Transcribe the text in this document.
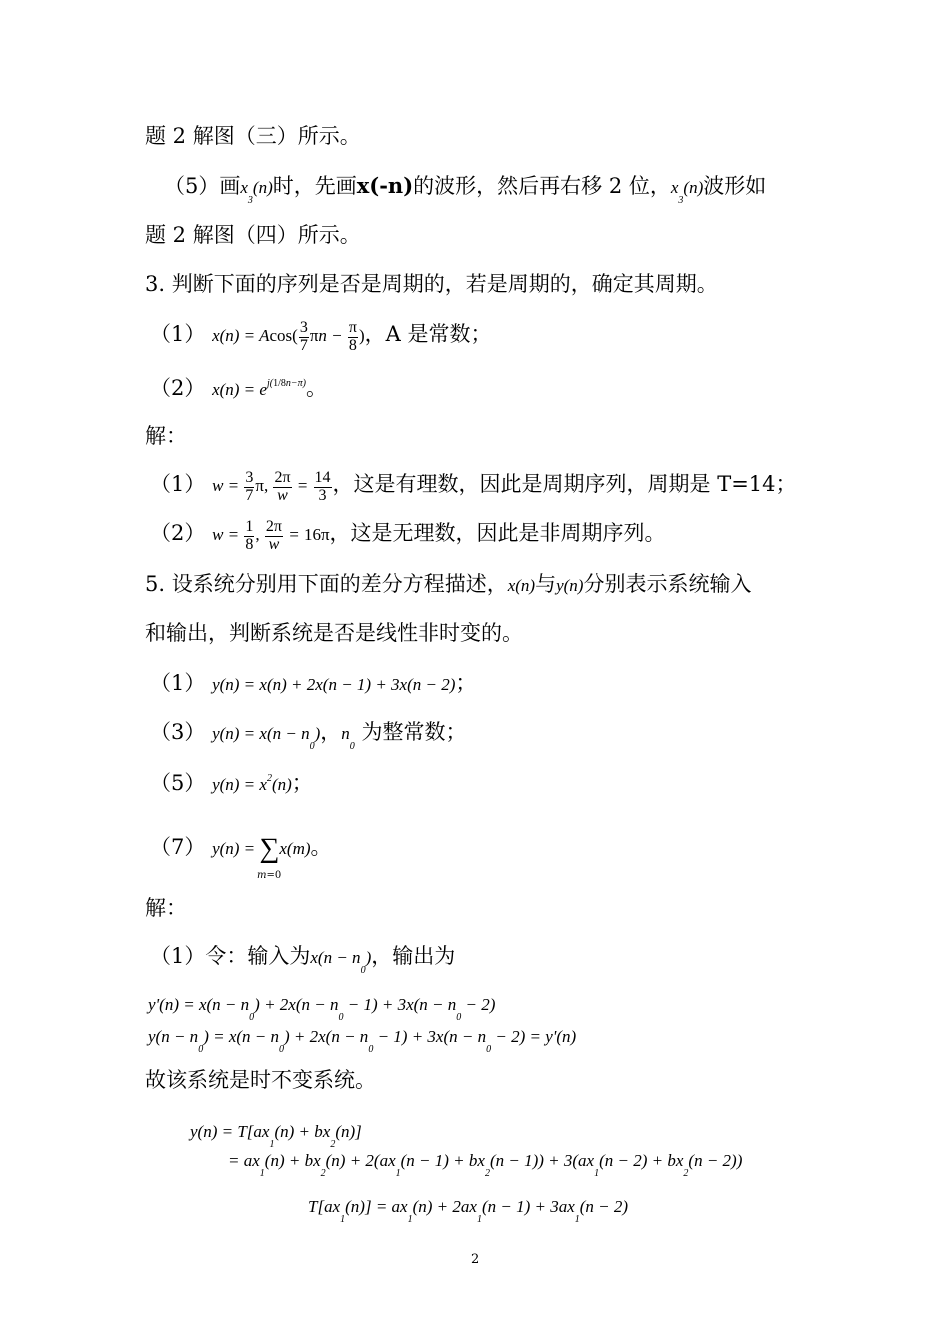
题 2 解图（三）所示。
（5）画$x_3(n)$时，先画x(-n)的波形，然后再右移 2 位，$x_3(n)$波形如
题 2 解图（四）所示。
3. 判断下面的序列是否是周期的，若是周期的，确定其周期。
（1） $x(n) = Acos( \frac{3}{7}$ $\pi n - \frac{\pi}{8}$ )，A 是常数；
（2） $x(n) = e^{j(1/8n-\pi)}$。
解：
（1） $w = \frac{3}{7} \pi$, $\frac{2\pi}{w} = \frac{14}{3}$ ，这是有理数，因此是周期序列，周期是 T=14；
（2） $w = \frac{1}{8}$ , $\frac{2\pi}{w} = 16\pi$，这是无理数，因此是非周期序列。
5. 设系统分别用下面的差分方程描述，x(n)与y(n)分别表示系统输入
和输出，判断系统是否是线性非时变的。
（1） y(n) = x(n) + 2x(n − 1) + 3x(n − 2)；
（3） $y(n) = x(n - n_0)$，$n_0$ 为整常数；
（5） $y(n) = x^2(n)$；
（7） y(n) = ∑x(m)。
m=0
解：
（1）令：输入为$x(n - n_0)$，输出为
$y'(n) = x(n - n_0) + 2x(n - n_0 - 1) + 3x(n - n_0 - 2)$
$y(n - n_0) = x(n - n_0) + 2x(n - n_0 - 1) + 3x(n - n_0 - 2) = y'(n)$
故该系统是时不变系统。
$y(n) = T[ax_1(n) + bx_2(n)]$
= $ax_1(n) + bx_2(n) + 2(ax_1(n - 1) + bx_2(n - 1)) + 3(ax_1(n - 2) + bx_2(n - 2))$
$T[ax_1(n)] = ax_1(n) + 2ax_1(n - 1) + 3ax_1(n - 2)$
2
